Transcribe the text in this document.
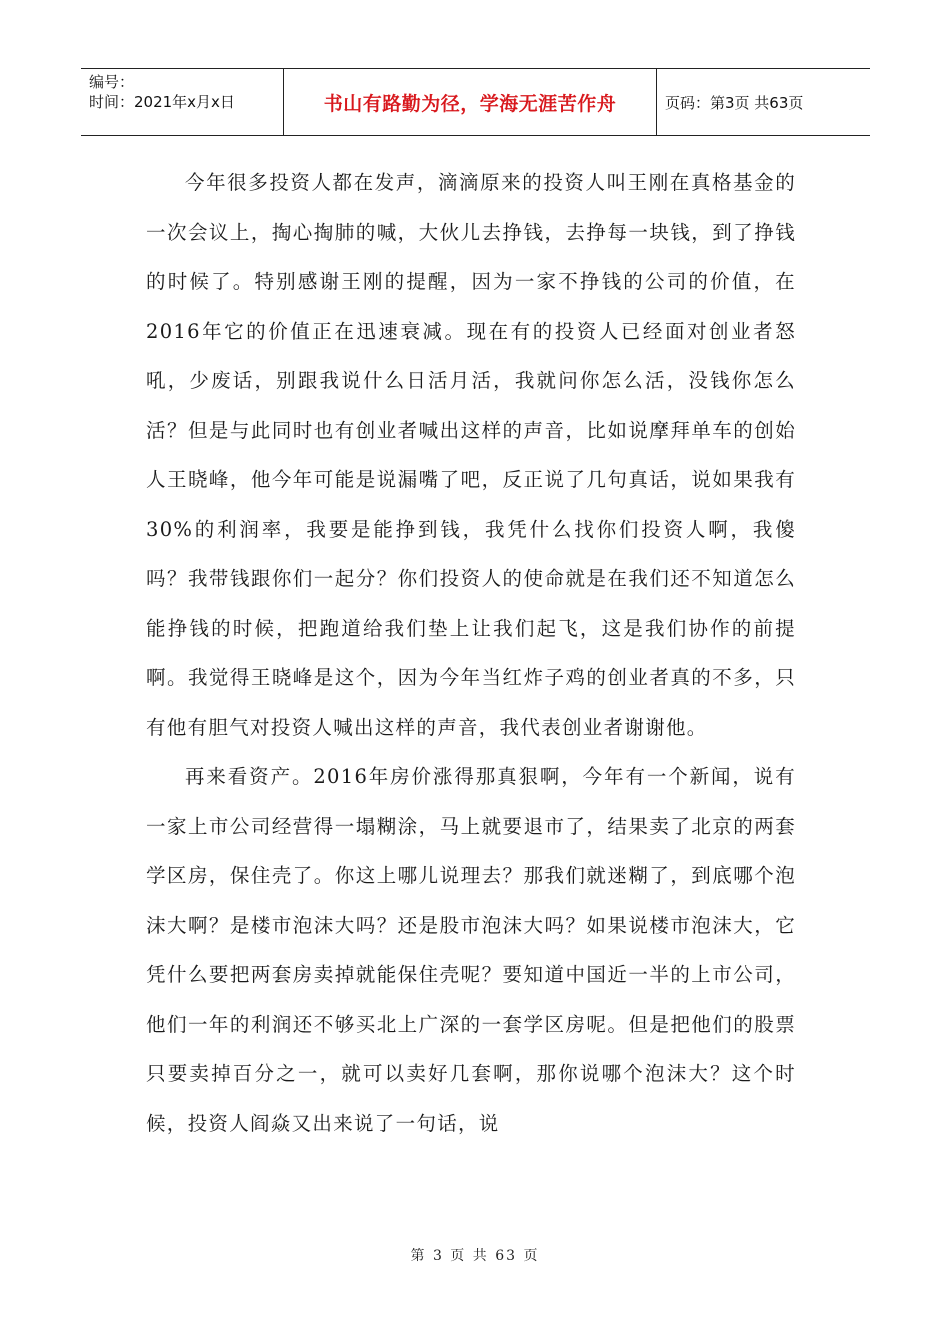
编号：
时间：2021年x月x日	书山有路勤为径，学海无涯苦作舟	页码：第3页 共63页

今年很多投资人都在发声，滴滴原来的投资人叫王刚在真格基金的一次会议上，掏心掏肺的喊，大伙儿去挣钱，去挣每一块钱，到了挣钱的时候了。特别感谢王刚的提醒，因为一家不挣钱的公司的价值，在2016年它的价值正在迅速衰减。现在有的投资人已经面对创业者怒吼，少废话，别跟我说什么日活月活，我就问你怎么活，没钱你怎么活？但是与此同时也有创业者喊出这样的声音，比如说摩拜单车的创始人王晓峰，他今年可能是说漏嘴了吧，反正说了几句真话，说如果我有30%的利润率，我要是能挣到钱，我凭什么找你们投资人啊，我傻吗？我带钱跟你们一起分？你们投资人的使命就是在我们还不知道怎么能挣钱的时候，把跑道给我们垫上让我们起飞，这是我们协作的前提啊。我觉得王晓峰是这个，因为今年当红炸子鸡的创业者真的不多，只有他有胆气对投资人喊出这样的声音，我代表创业者谢谢他。

再来看资产。2016年房价涨得那真狠啊，今年有一个新闻，说有一家上市公司经营得一塌糊涂，马上就要退市了，结果卖了北京的两套学区房，保住壳了。你这上哪儿说理去？那我们就迷糊了，到底哪个泡沫大啊？是楼市泡沫大吗？还是股市泡沫大吗？如果说楼市泡沫大，它凭什么要把两套房卖掉就能保住壳呢？要知道中国近一半的上市公司，他们一年的利润还不够买北上广深的一套学区房呢。但是把他们的股票只要卖掉百分之一，就可以卖好几套啊，那你说哪个泡沫大？这个时候，投资人阎焱又出来说了一句话，说

第 3 页 共 63 页
